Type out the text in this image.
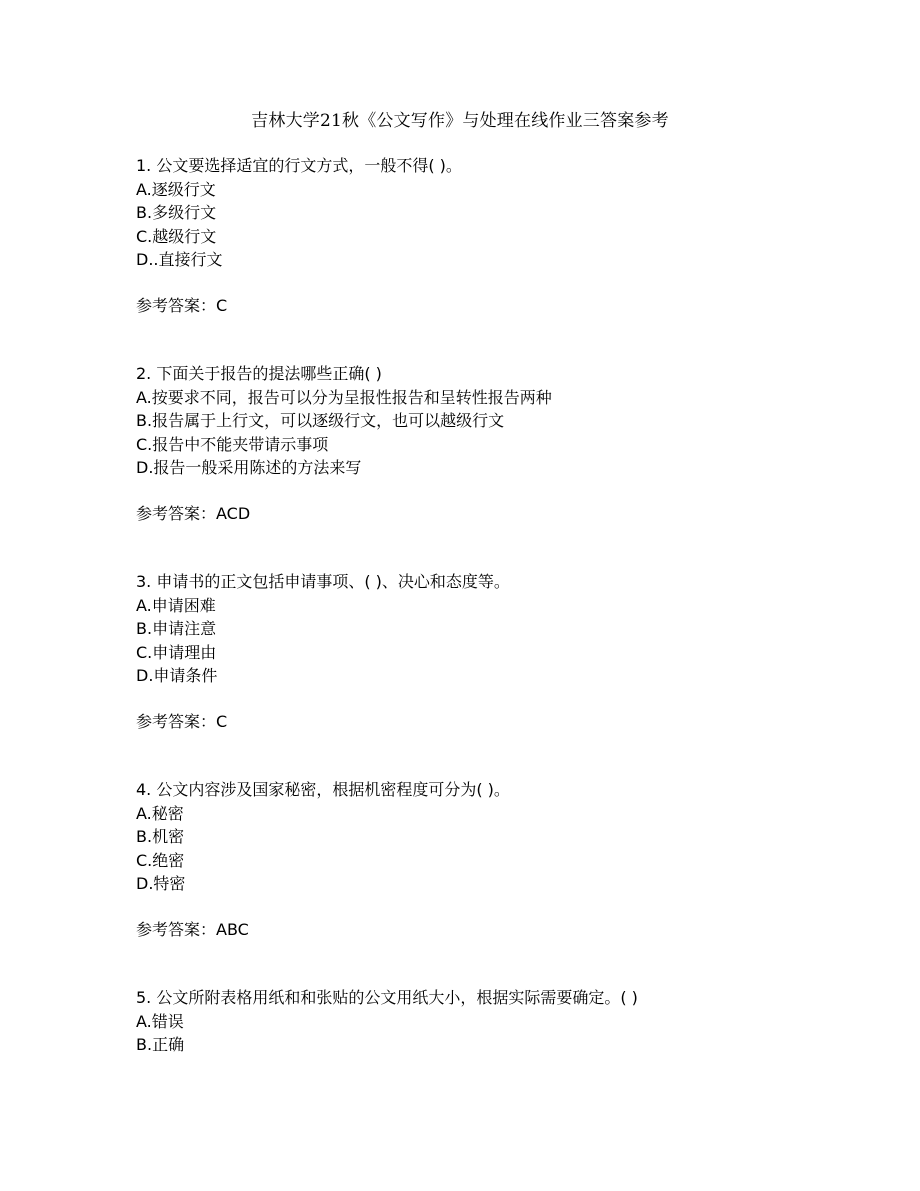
吉林大学21秋《公文写作》与处理在线作业三答案参考

1. 公文要选择适宜的行文方式，一般不得( )。

A.逐级行文

B.多级行文

C.越级行文

D..直接行文

参考答案：C

2. 下面关于报告的提法哪些正确( )

A.按要求不同，报告可以分为呈报性报告和呈转性报告两种

B.报告属于上行文，可以逐级行文，也可以越级行文

C.报告中不能夹带请示事项

D.报告一般采用陈述的方法来写

参考答案：ACD

3. 申请书的正文包括申请事项、( )、决心和态度等。

A.申请困难

B.申请注意

C.申请理由

D.申请条件

参考答案：C

4. 公文内容涉及国家秘密，根据机密程度可分为( )。

A.秘密

B.机密

C.绝密

D.特密

参考答案：ABC

5. 公文所附表格用纸和和张贴的公文用纸大小，根据实际需要确定。( )

A.错误

B.正确
